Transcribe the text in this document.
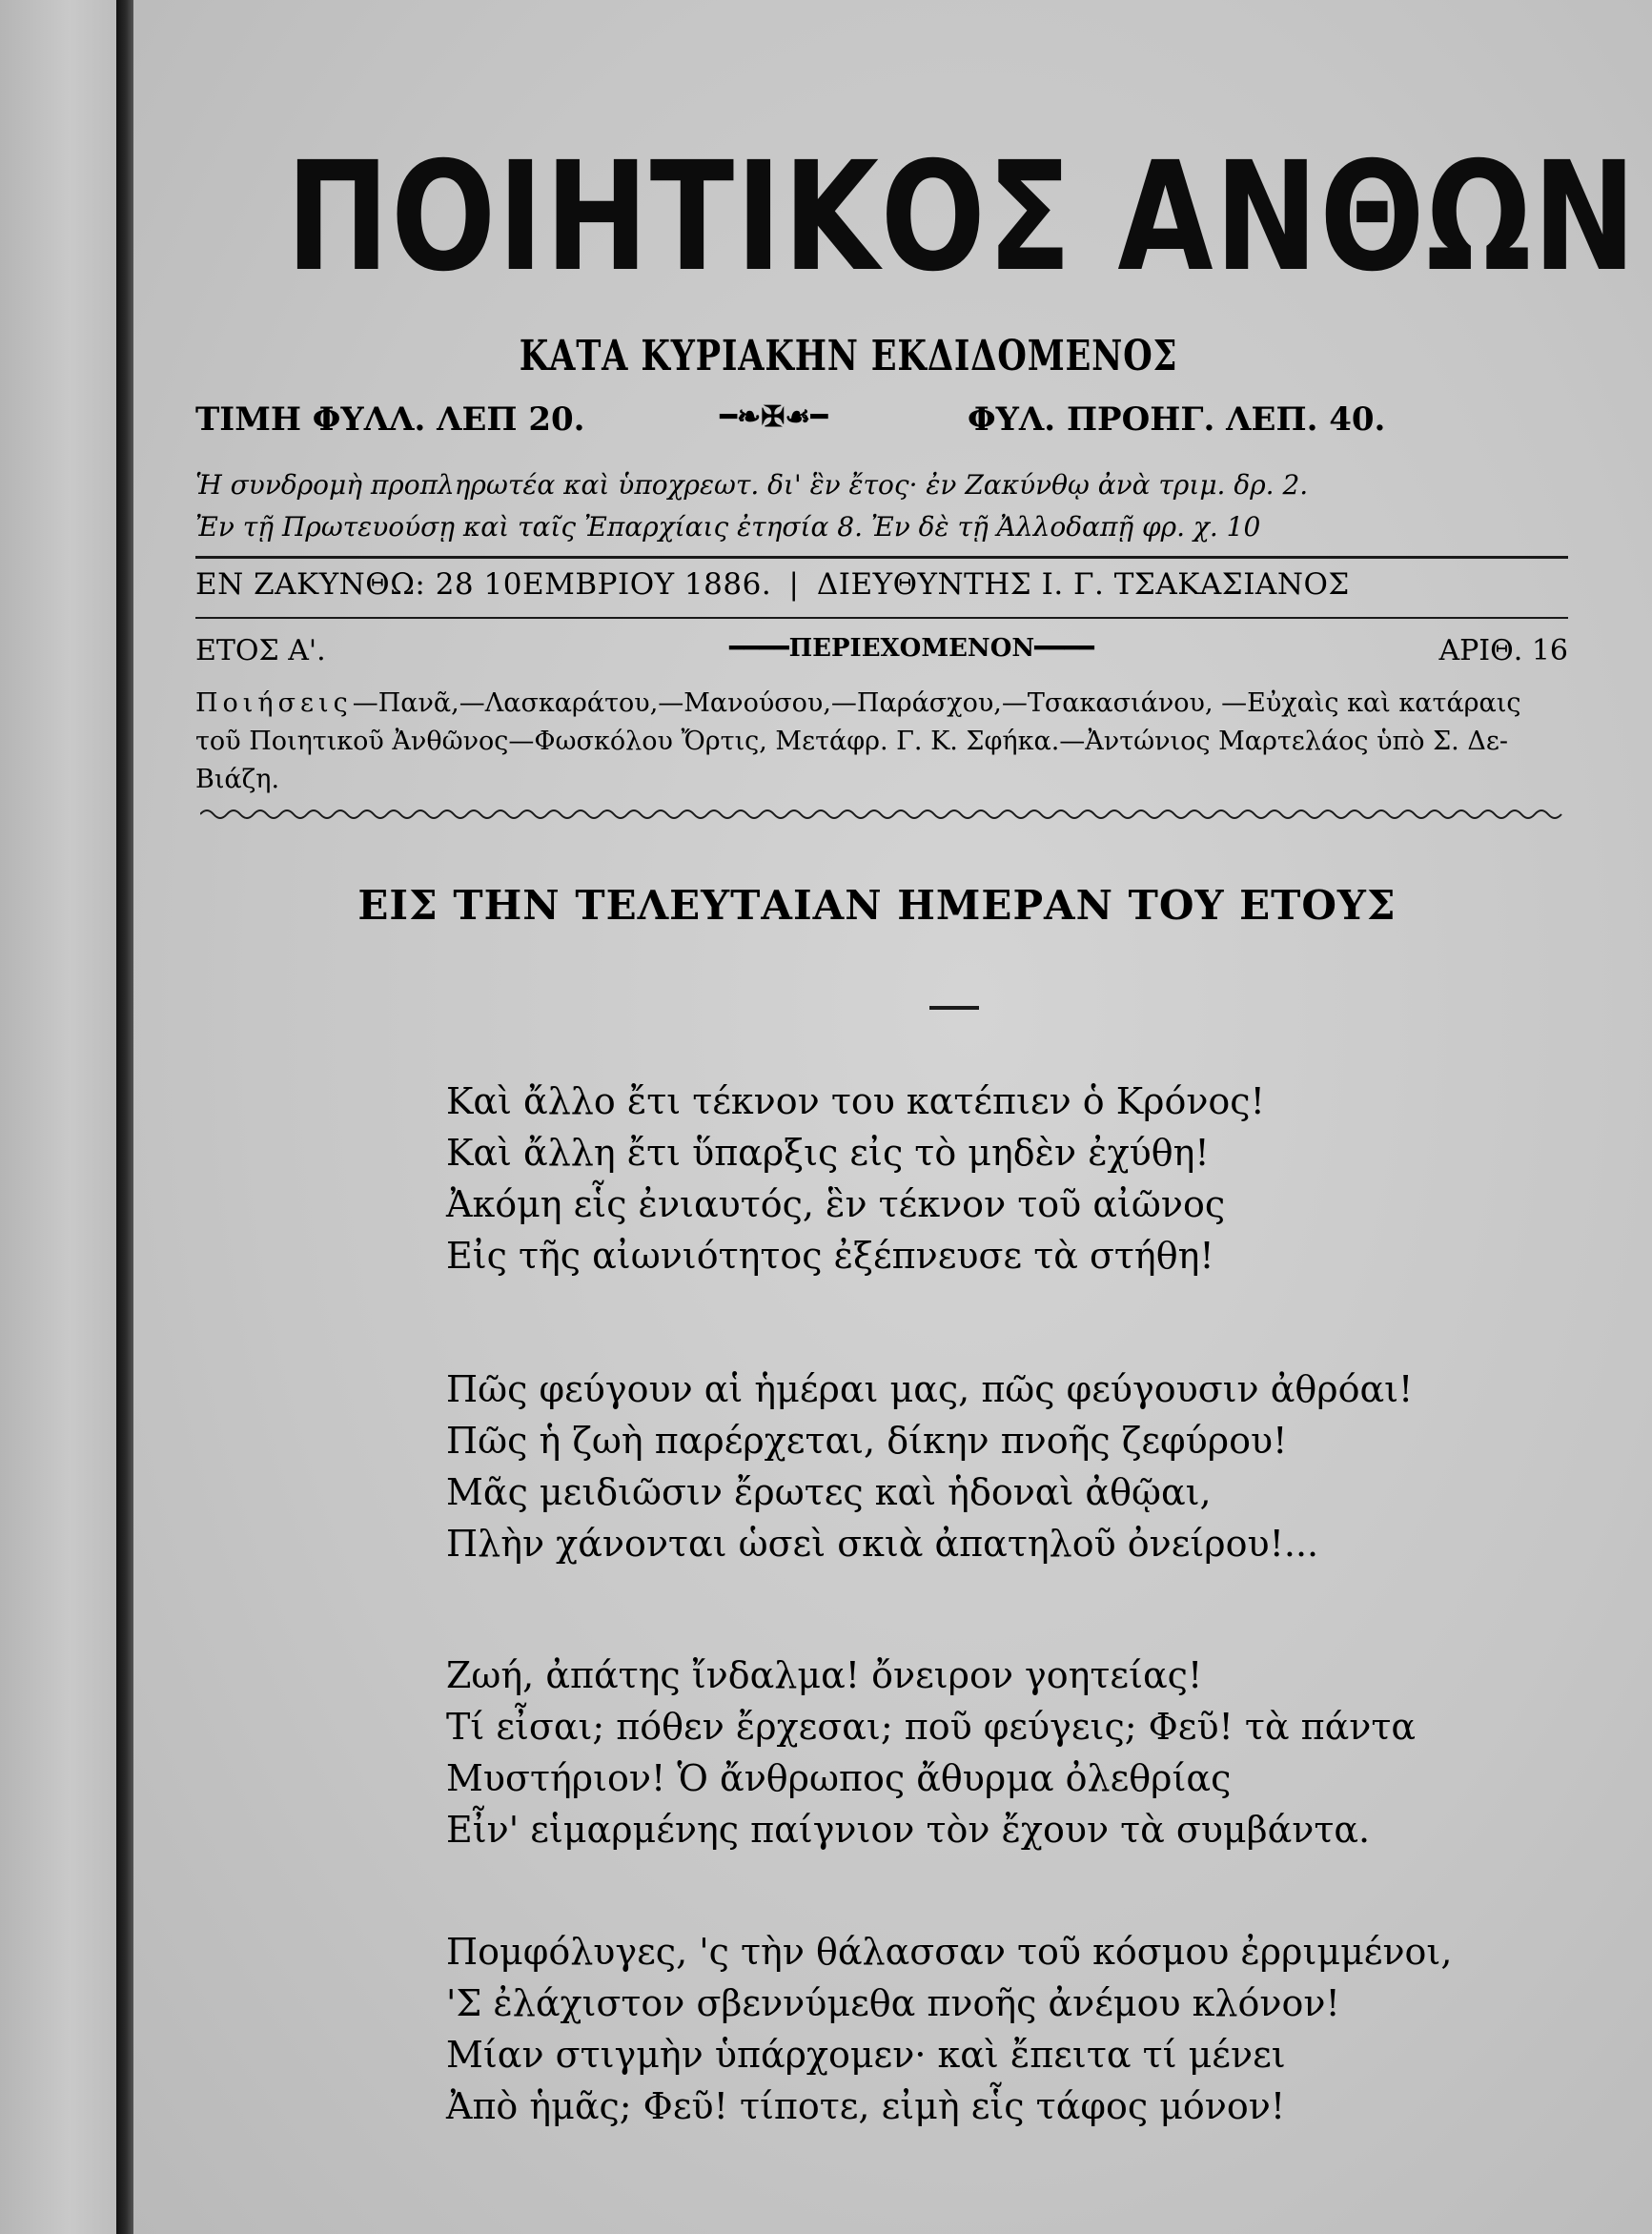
ΠΟΙΗΤΙΚΟΣ ΑΝΘΩΝ
ΚΑΤΑ ΚΥΡΙΑΚΗΝ ΕΚΔΙΔΟΜΕΝΟΣ
ΤΙΜΗ ΦΥΛΛ. ΛΕΠ 20.	━❧✠☙━	ΦΥΛ. ΠΡΟΗΓ. ΛΕΠ. 40.
Ἡ συνδρομὴ προπληρωτέα καὶ ὑποχρεωτ. δι' ἓν ἔτος· ἐν Ζακύνθῳ ἀνὰ τριμ. δρ. 2.
Ἐν τῇ Πρωτευούσῃ καὶ ταῖς Ἐπαρχίαις ἐτησία 8. Ἐν δὲ τῇ Ἀλλοδαπῇ φρ. χ. 10
ΕΝ ΖΑΚΥΝΘΩ: 28 10ΕΜΒΡΙΟΥ 1886. | ΔΙΕΥΘΥΝΤΗΣ Ι. Γ. ΤΣΑΚΑΣΙΑΝΟΣ
ΕΤΟΣ Α'.	━━━━ΠΕΡΙΕΧΟΜΕΝΟΝ━━━━	ΑΡΙΘ. 16
Ποιήσεις—Πανᾶ,—Λασκαράτου,—Μανούσου,—Παράσχου,—Τσακασιάνου, —Εὐχαὶς καὶ κατάραις τοῦ Ποιητικοῦ Ἀνθῶνος—Φωσκόλου Ὄρτις, Μετάφρ. Γ. Κ. Σφήκα.—Ἀντώνιος Μαρτελάος ὑπὸ Σ. Δε-Βιάζη.
ΕΙΣ ΤΗΝ ΤΕΛΕΥΤΑΙΑΝ ΗΜΕΡΑΝ ΤΟΥ ΕΤΟΥΣ
Καὶ ἄλλο ἔτι τέκνον του κατέπιεν ὁ Κρόνος!
Καὶ ἄλλη ἔτι ὕπαρξις εἰς τὸ μηδὲν ἐχύθη!
Ἀκόμη εἷς ἐνιαυτός, ἓν τέκνον τοῦ αἰῶνος
Εἰς τῆς αἰωνιότητος ἐξέπνευσε τὰ στήθη!
Πῶς φεύγουν αἱ ἡμέραι μας, πῶς φεύγουσιν ἀθρόαι!
Πῶς ἡ ζωὴ παρέρχεται, δίκην πνοῆς ζεφύρου!
Μᾶς μειδιῶσιν ἔρωτες καὶ ἡδοναὶ ἀθῷαι,
Πλὴν χάνονται ὡσεὶ σκιὰ ἀπατηλοῦ ὀνείρου!...
Ζωή, ἀπάτης ἴνδαλμα! ὄνειρον γοητείας!
Τί εἶσαι; πόθεν ἔρχεσαι; ποῦ φεύγεις; Φεῦ! τὰ πάντα
Μυστήριον! Ὁ ἄνθρωπος ἄθυρμα ὀλεθρίας
Εἶν' εἱμαρμένης παίγνιον τὸν ἔχουν τὰ συμβάντα.
Πομφόλυγες, 'ς τὴν θάλασσαν τοῦ κόσμου ἐρριμμένοι,
'Σ ἐλάχιστον σβεννύμεθα πνοῆς ἀνέμου κλόνον!
Μίαν στιγμὴν ὑπάρχομεν· καὶ ἔπειτα τί μένει
Ἀπὸ ἡμᾶς; Φεῦ! τίποτε, εἰμὴ εἷς τάφος μόνον!
